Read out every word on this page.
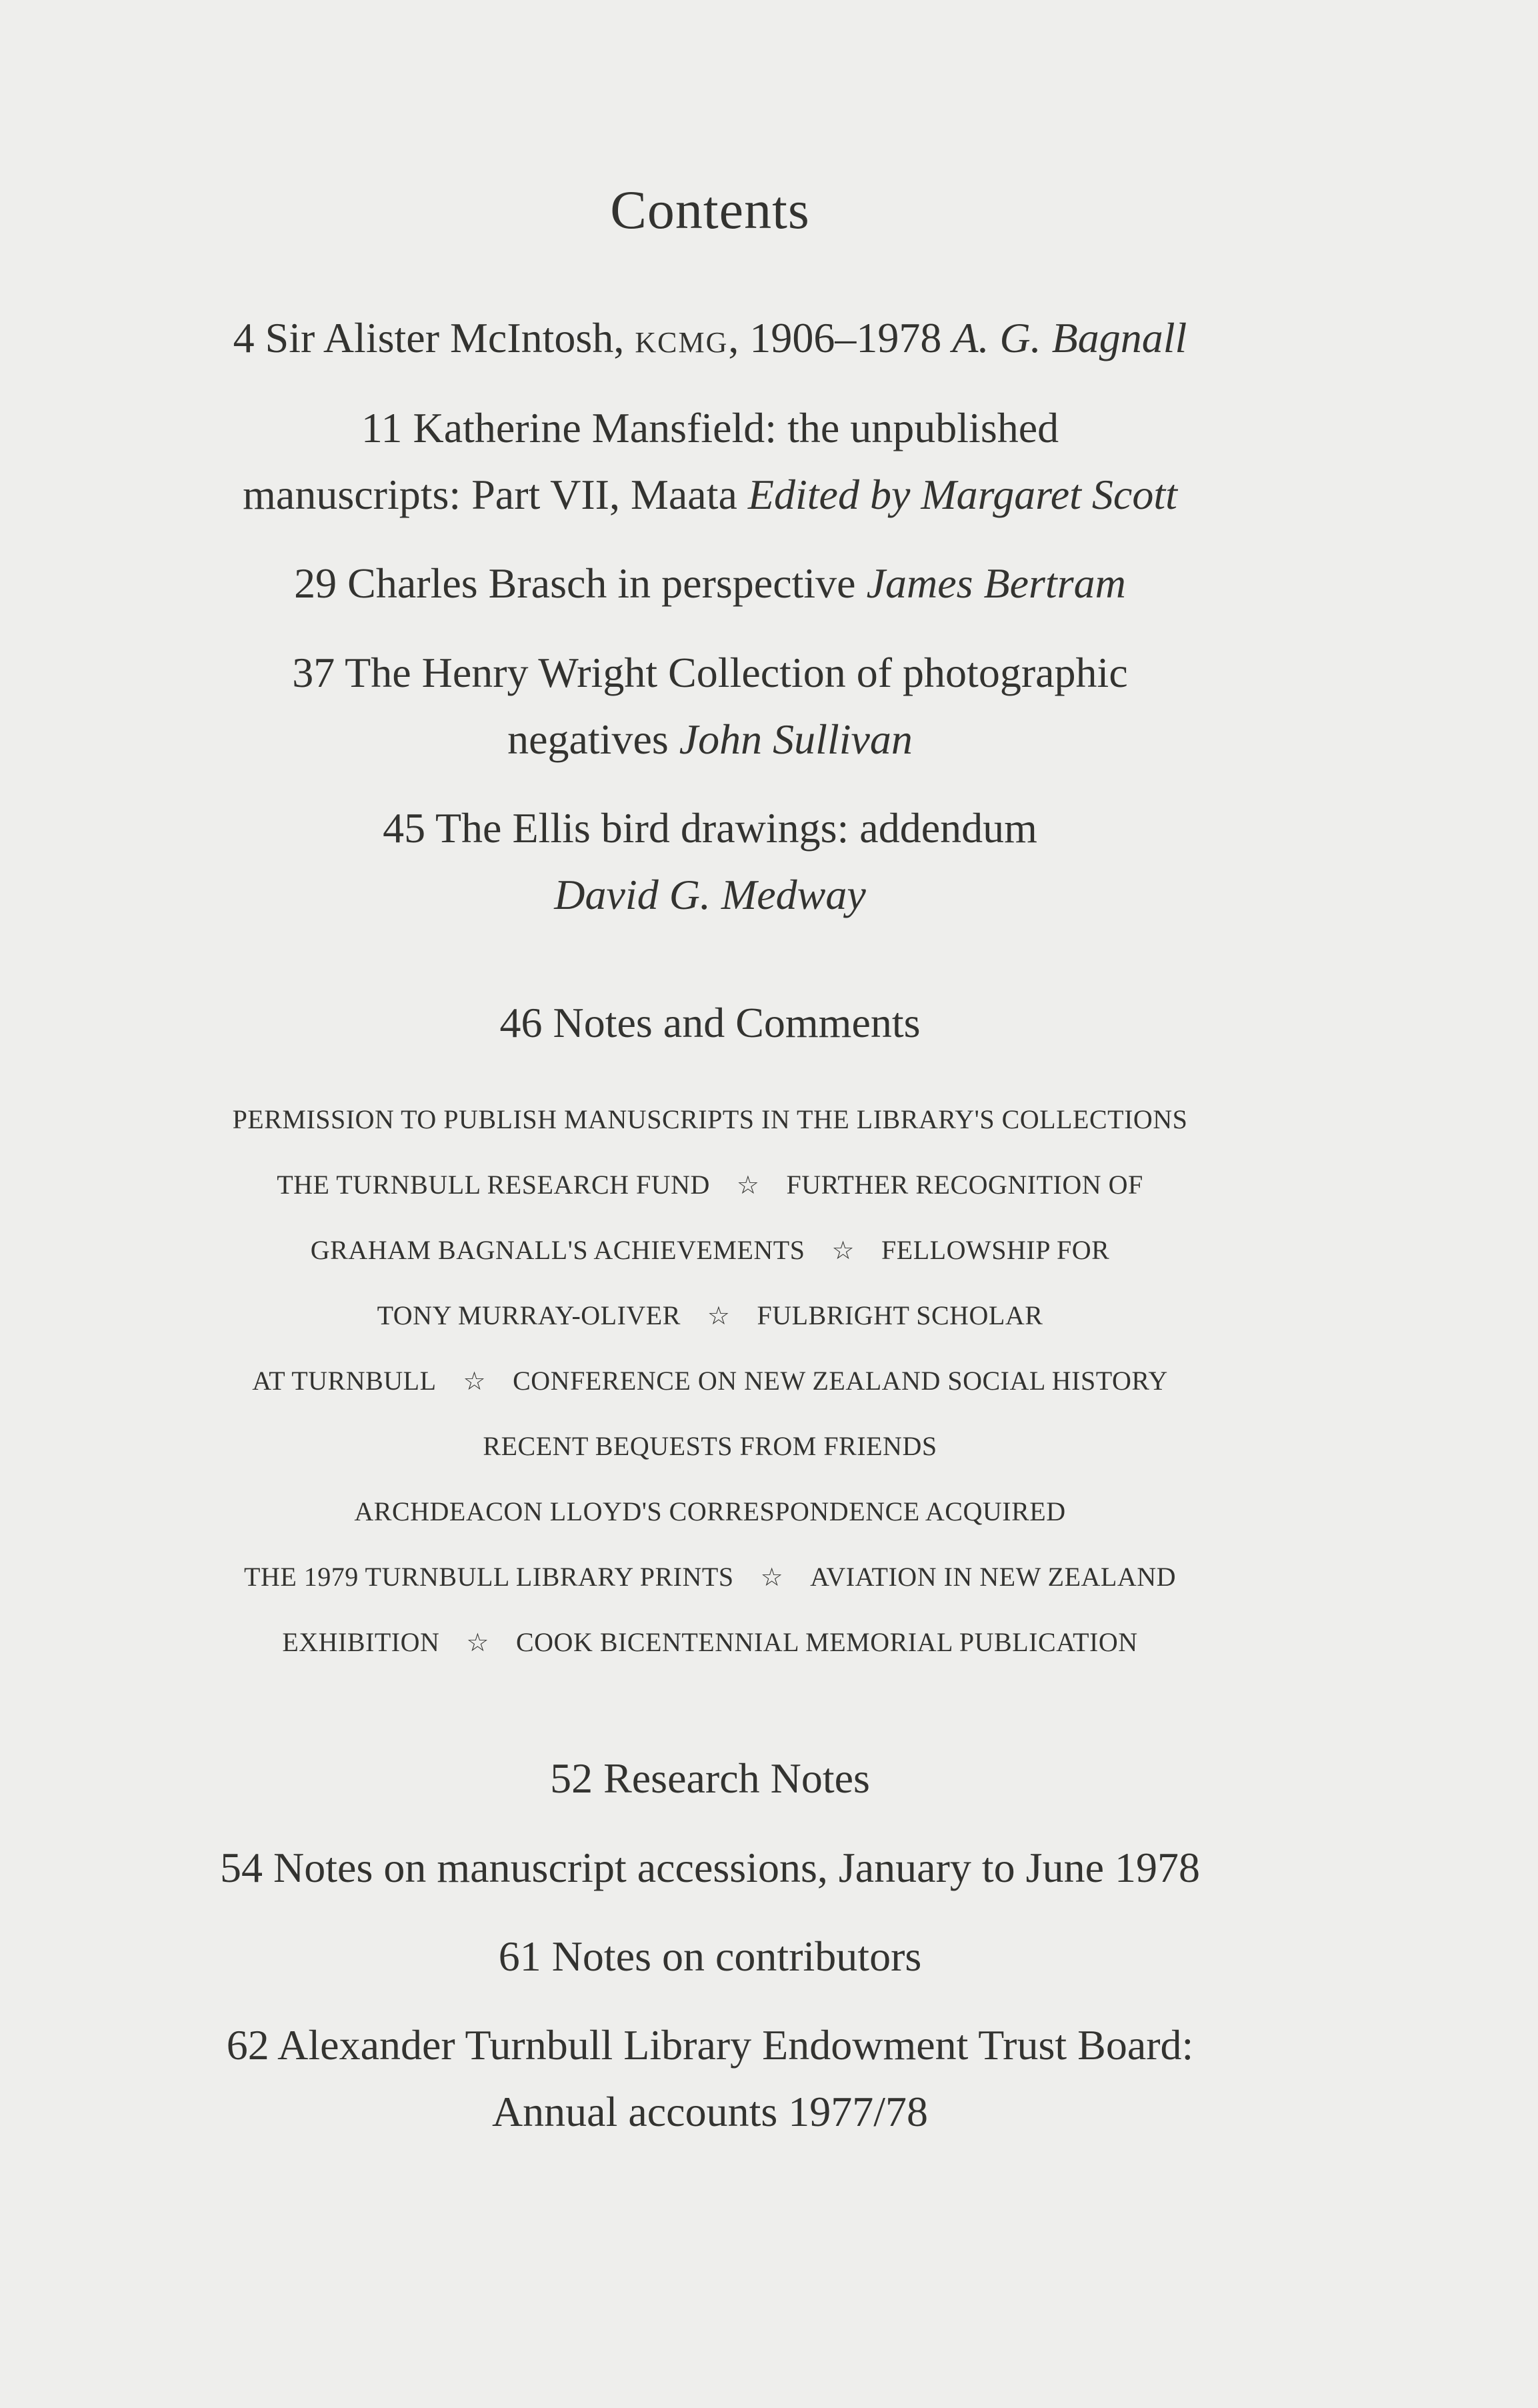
Contents
4 Sir Alister McIntosh, KCMG, 1906–1978 A. G. Bagnall
11 Katherine Mansfield: the unpublished
manuscripts: Part VII, Maata Edited by Margaret Scott
29 Charles Brasch in perspective James Bertram
37 The Henry Wright Collection of photographic
negatives John Sullivan
45 The Ellis bird drawings: addendum
David G. Medway
46 Notes and Comments
PERMISSION TO PUBLISH MANUSCRIPTS IN THE LIBRARY'S COLLECTIONS
THE TURNBULL RESEARCH FUND ☆ FURTHER RECOGNITION OF
GRAHAM BAGNALL'S ACHIEVEMENTS ☆ FELLOWSHIP FOR
TONY MURRAY-OLIVER ☆ FULBRIGHT SCHOLAR
AT TURNBULL ☆ CONFERENCE ON NEW ZEALAND SOCIAL HISTORY
RECENT BEQUESTS FROM FRIENDS
ARCHDEACON LLOYD'S CORRESPONDENCE ACQUIRED
THE 1979 TURNBULL LIBRARY PRINTS ☆ AVIATION IN NEW ZEALAND
EXHIBITION ☆ COOK BICENTENNIAL MEMORIAL PUBLICATION
52 Research Notes
54 Notes on manuscript accessions, January to June 1978
61 Notes on contributors
62 Alexander Turnbull Library Endowment Trust Board:
Annual accounts 1977/78
